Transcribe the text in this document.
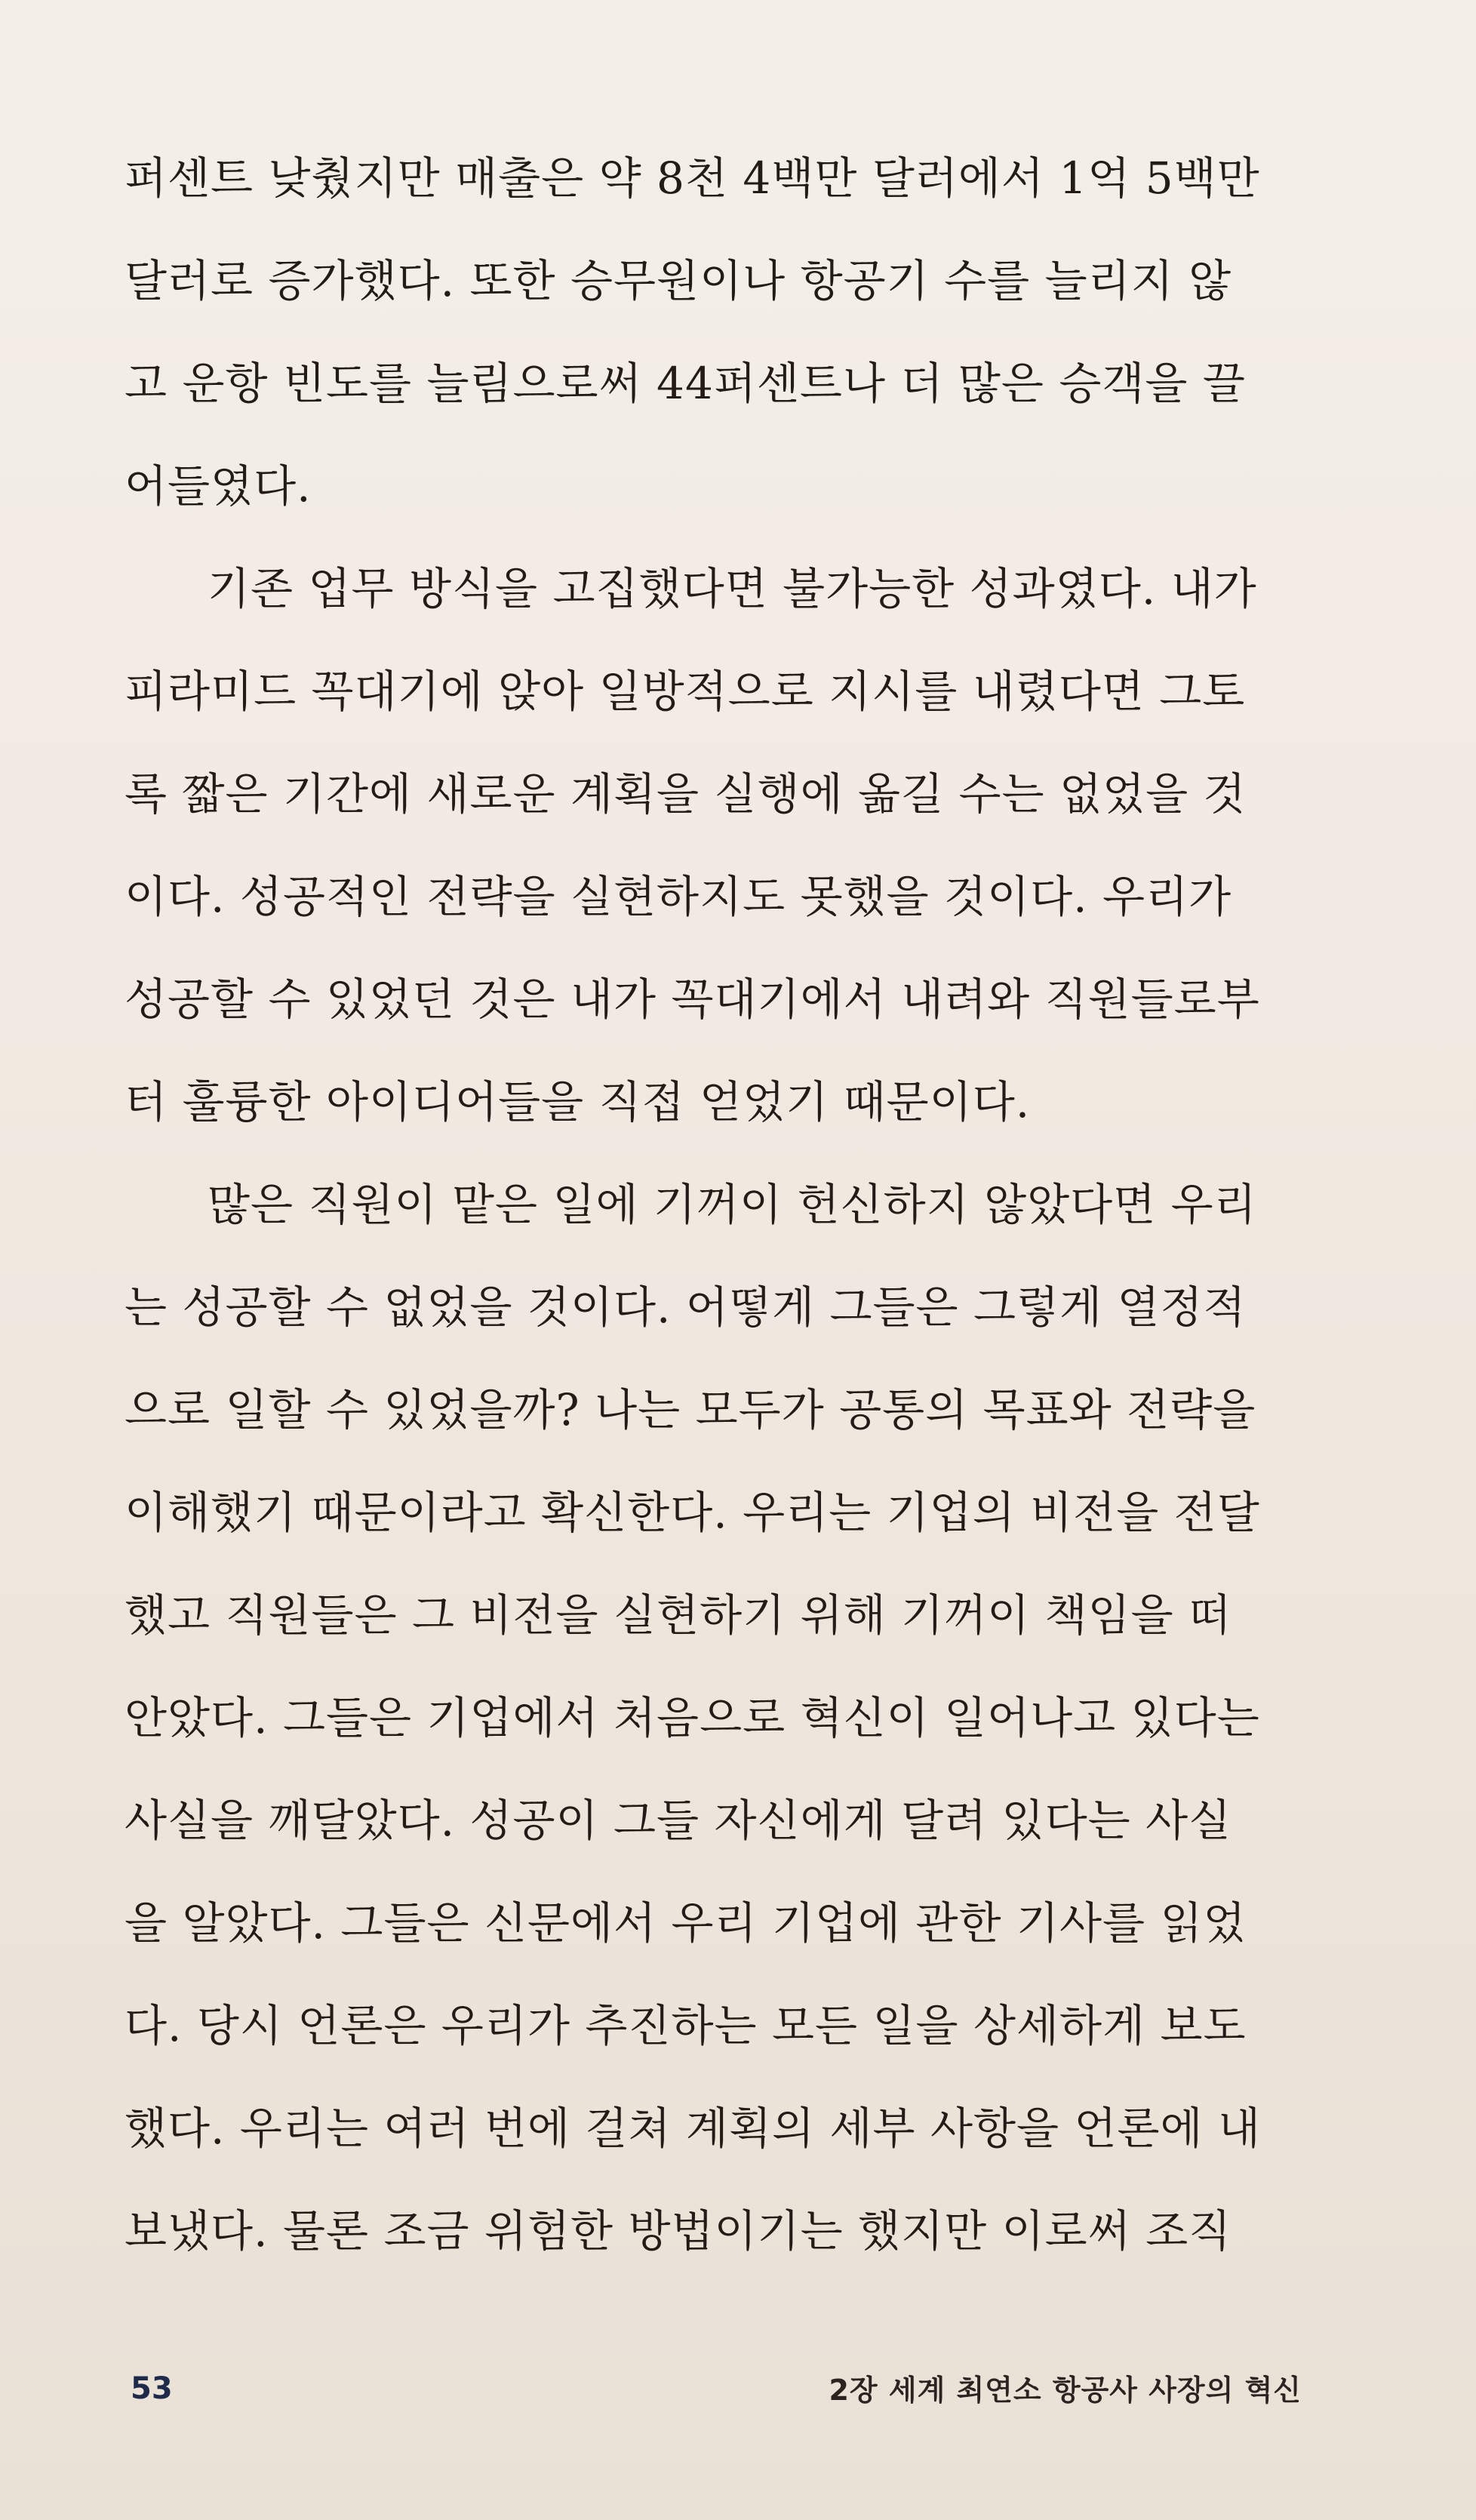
퍼센트 낮췄지만 매출은 약 8천 4백만 달러에서 1억 5백만
달러로 증가했다. 또한 승무원이나 항공기 수를 늘리지 않
고 운항 빈도를 늘림으로써 44퍼센트나 더 많은 승객을 끌
어들였다.

기존 업무 방식을 고집했다면 불가능한 성과였다. 내가
피라미드 꼭대기에 앉아 일방적으로 지시를 내렸다면 그토
록 짧은 기간에 새로운 계획을 실행에 옮길 수는 없었을 것
이다. 성공적인 전략을 실현하지도 못했을 것이다. 우리가
성공할 수 있었던 것은 내가 꼭대기에서 내려와 직원들로부
터 훌륭한 아이디어들을 직접 얻었기 때문이다.

많은 직원이 맡은 일에 기꺼이 헌신하지 않았다면 우리
는 성공할 수 없었을 것이다. 어떻게 그들은 그렇게 열정적
으로 일할 수 있었을까? 나는 모두가 공통의 목표와 전략을
이해했기 때문이라고 확신한다. 우리는 기업의 비전을 전달
했고 직원들은 그 비전을 실현하기 위해 기꺼이 책임을 떠
안았다. 그들은 기업에서 처음으로 혁신이 일어나고 있다는
사실을 깨달았다. 성공이 그들 자신에게 달려 있다는 사실
을 알았다. 그들은 신문에서 우리 기업에 관한 기사를 읽었
다. 당시 언론은 우리가 추진하는 모든 일을 상세하게 보도
했다. 우리는 여러 번에 걸쳐 계획의 세부 사항을 언론에 내
보냈다. 물론 조금 위험한 방법이기는 했지만 이로써 조직

53	2장 세계 최연소 항공사 사장의 혁신
